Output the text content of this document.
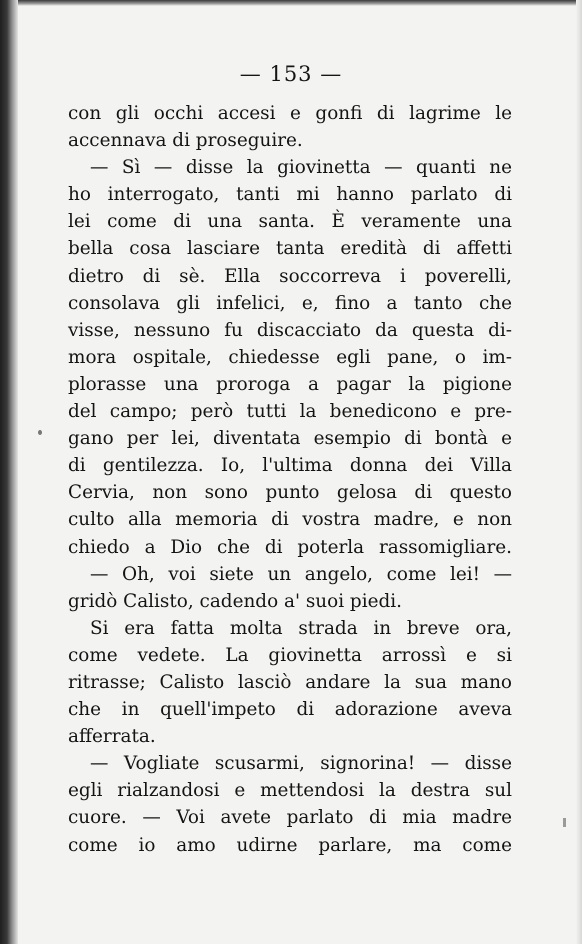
— 153 —
con gli occhi accesi e gonfi di lagrime le
accennava di proseguire.
— Sì — disse la giovinetta — quanti ne
ho interrogato, tanti mi hanno parlato di
lei come di una santa. È veramente una
bella cosa lasciare tanta eredità di affetti
dietro di sè. Ella soccorreva i poverelli,
consolava gli infelici, e, fino a tanto che
visse, nessuno fu discacciato da questa di-
mora ospitale, chiedesse egli pane, o im-
plorasse una proroga a pagar la pigione
del campo; però tutti la benedicono e pre-
gano per lei, diventata esempio di bontà e
di gentilezza. Io, l'ultima donna dei Villa
Cervia, non sono punto gelosa di questo
culto alla memoria di vostra madre, e non
chiedo a Dio che di poterla rassomigliare.
— Oh, voi siete un angelo, come lei! —
gridò Calisto, cadendo a' suoi piedi.
Si era fatta molta strada in breve ora,
come vedete. La giovinetta arrossì e si
ritrasse; Calisto lasciò andare la sua mano
che in quell'impeto di adorazione aveva
afferrata.
— Vogliate scusarmi, signorina! — disse
egli rialzandosi e mettendosi la destra sul
cuore. — Voi avete parlato di mia madre
come io amo udirne parlare, ma come
